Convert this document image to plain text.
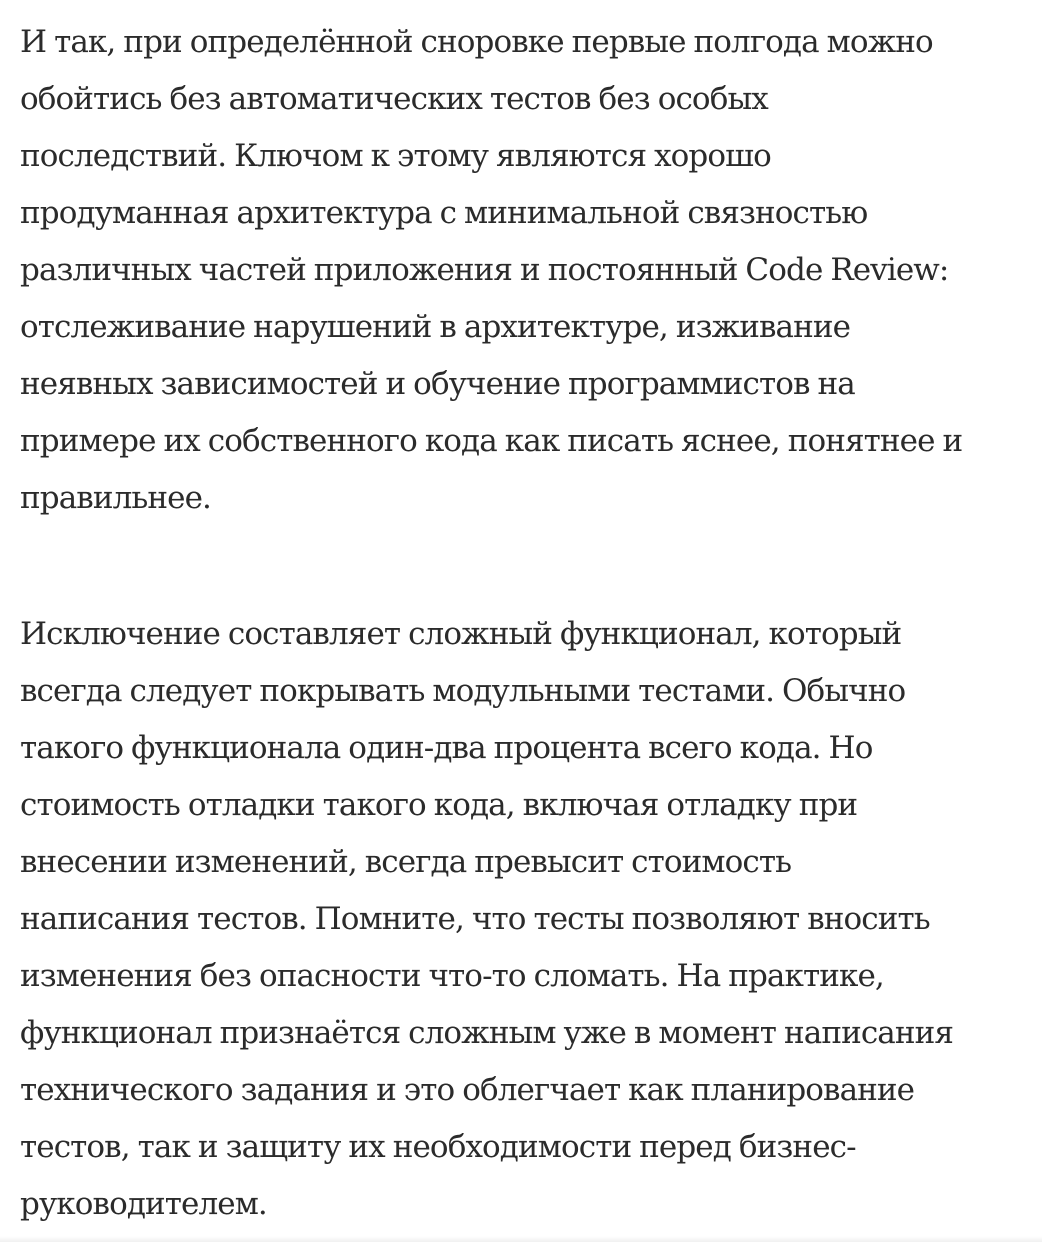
И так, при определённой сноровке первые полгода можно
обойтись без автоматических тестов без особых
последствий. Ключом к этому являются хорошо
продуманная архитектура с минимальной связностью
различных частей приложения и постоянный Code Review:
отслеживание нарушений в архитектуре, изживание
неявных зависимостей и обучение программистов на
примере их собственного кода как писать яснее, понятнее и
правильнее.

Исключение составляет сложный функционал, который
всегда следует покрывать модульными тестами. Обычно
такого функционала один-два процента всего кода. Но
стоимость отладки такого кода, включая отладку при
внесении изменений, всегда превысит стоимость
написания тестов. Помните, что тесты позволяют вносить
изменения без опасности что-то сломать. На практике,
функционал признаётся сложным уже в момент написания
технического задания и это облегчает как планирование
тестов, так и защиту их необходимости перед бизнес-
руководителем.
